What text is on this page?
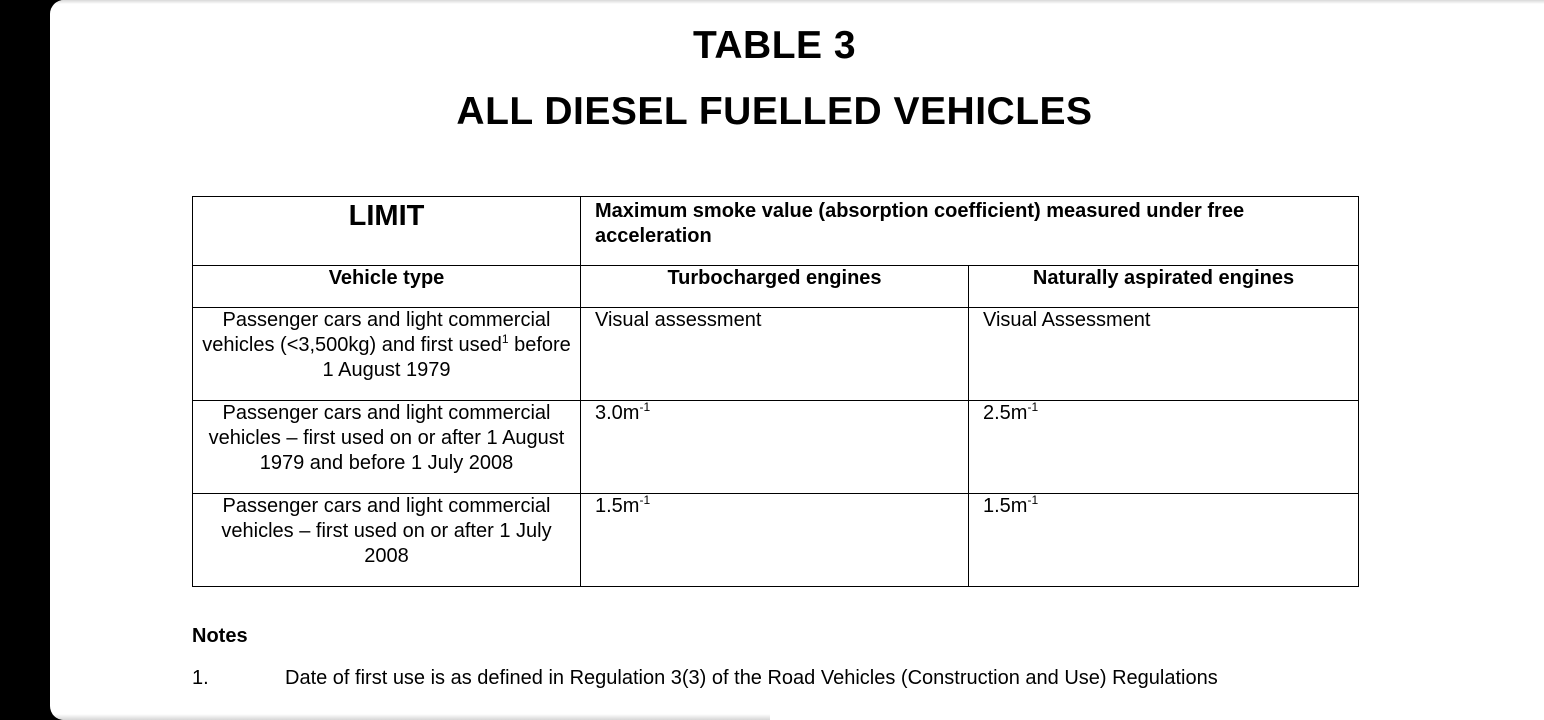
TABLE 3
ALL DIESEL FUELLED VEHICLES
LIMIT	Maximum smoke value (absorption coefficient) measured under free acceleration	
Vehicle type	Turbocharged engines	Naturally aspirated engines
Passenger cars and light commercial vehicles (<3,500kg) and first used$^1$ before 1 August 1979	Visual assessment	Visual Assessment
Passenger cars and light commercial vehicles – first used on or after 1 August 1979 and before 1 July 2008	$3.0m^{-1}$	$2.5m^{-1}$
Passenger cars and light commercial vehicles – first used on or after 1 July 2008	$1.5m^{-1}$	$1.5m^{-1}$
Notes
1.	Date of first use is as defined in Regulation 3(3) of the Road Vehicles (Construction and Use) Regulations
